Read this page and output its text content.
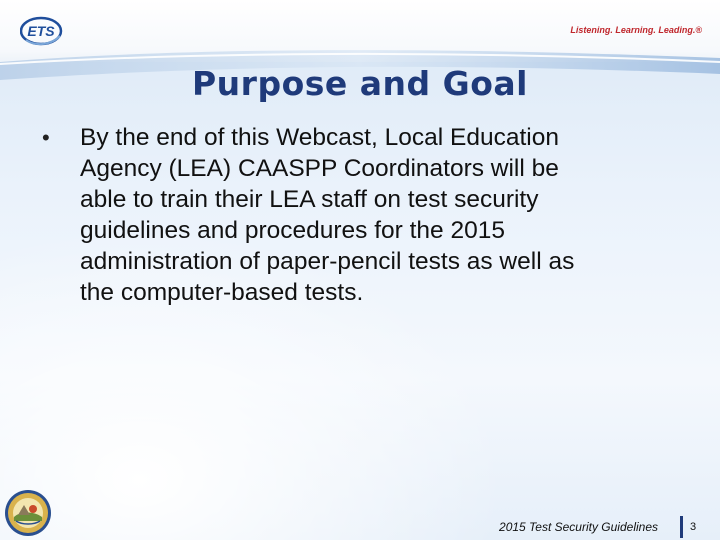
ETS	Listening. Learning. Leading.®
Purpose and Goal
• By the end of this Webcast, Local Education
Agency (LEA) CAASPP Coordinators will be
able to train their LEA staff on test security
guidelines and procedures for the 2015
administration of paper-pencil tests as well as
the computer-based tests.
2015 Test Security Guidelines	3
